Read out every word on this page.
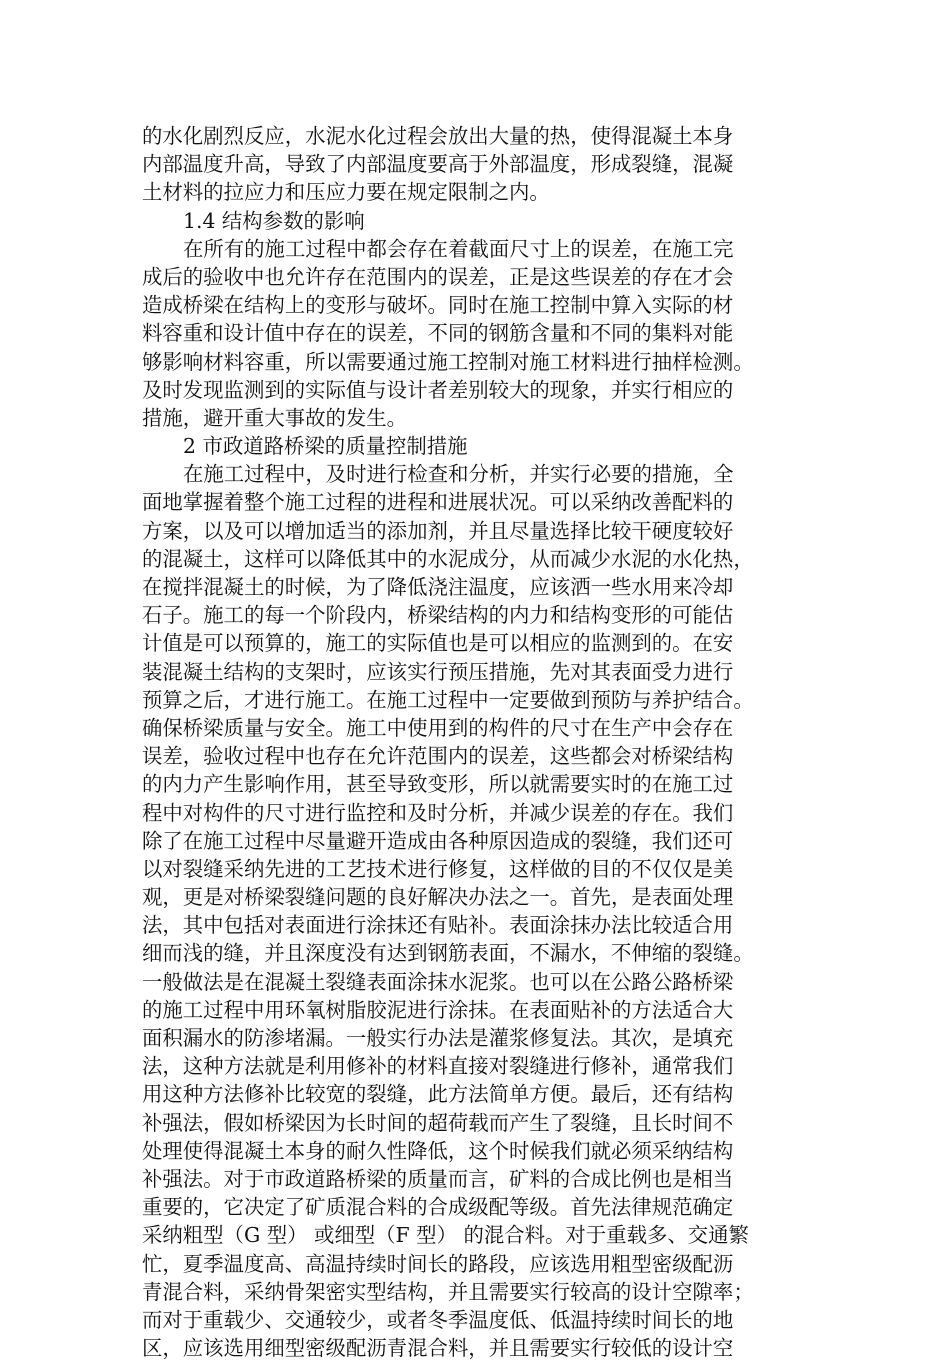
的水化剧烈反应，水泥水化过程会放出大量的热，使得混凝土本身
内部温度升高，导致了内部温度要高于外部温度，形成裂缝，混凝
土材料的拉应力和压应力要在规定限制之内。
1.4 结构参数的影响
在所有的施工过程中都会存在着截面尺寸上的误差，在施工完
成后的验收中也允许存在范围内的误差，正是这些误差的存在才会
造成桥梁在结构上的变形与破坏。同时在施工控制中算入实际的材
料容重和设计值中存在的误差，不同的钢筋含量和不同的集料对能
够影响材料容重，所以需要通过施工控制对施工材料进行抽样检测。
及时发现监测到的实际值与设计者差别较大的现象，并实行相应的
措施，避开重大事故的发生。
2 市政道路桥梁的质量控制措施
在施工过程中，及时进行检查和分析，并实行必要的措施，全
面地掌握着整个施工过程的进程和进展状况。可以采纳改善配料的
方案，以及可以增加适当的添加剂，并且尽量选择比较干硬度较好
的混凝土，这样可以降低其中的水泥成分，从而减少水泥的水化热，
在搅拌混凝土的时候，为了降低浇注温度，应该洒一些水用来冷却
石子。施工的每一个阶段内，桥梁结构的内力和结构变形的可能估
计值是可以预算的，施工的实际值也是可以相应的监测到的。在安
装混凝土结构的支架时，应该实行预压措施，先对其表面受力进行
预算之后，才进行施工。在施工过程中一定要做到预防与养护结合。
确保桥梁质量与安全。施工中使用到的构件的尺寸在生产中会存在
误差，验收过程中也存在允许范围内的误差，这些都会对桥梁结构
的内力产生影响作用，甚至导致变形，所以就需要实时的在施工过
程中对构件的尺寸进行监控和及时分析，并减少误差的存在。我们
除了在施工过程中尽量避开造成由各种原因造成的裂缝，我们还可
以对裂缝采纳先进的工艺技术进行修复，这样做的目的不仅仅是美
观，更是对桥梁裂缝问题的良好解决办法之一。首先，是表面处理
法，其中包括对表面进行涂抹还有贴补。表面涂抹办法比较适合用
细而浅的缝，并且深度没有达到钢筋表面，不漏水，不伸缩的裂缝。
一般做法是在混凝土裂缝表面涂抹水泥浆。也可以在公路公路桥梁
的施工过程中用环氧树脂胶泥进行涂抹。在表面贴补的方法适合大
面积漏水的防渗堵漏。一般实行办法是灌浆修复法。其次，是填充
法，这种方法就是利用修补的材料直接对裂缝进行修补，通常我们
用这种方法修补比较宽的裂缝，此方法简单方便。最后，还有结构
补强法，假如桥梁因为长时间的超荷载而产生了裂缝，且长时间不
处理使得混凝土本身的耐久性降低，这个时候我们就必须采纳结构
补强法。对于市政道路桥梁的质量而言，矿料的合成比例也是相当
重要的，它决定了矿质混合料的合成级配等级。首先法律规范确定
采纳粗型（G 型） 或细型（F 型） 的混合料。对于重载多、交通繁
忙，夏季温度高、高温持续时间长的路段，应该选用粗型密级配沥
青混合料，采纳骨架密实型结构，并且需要实行较高的设计空隙率；
而对于重载少、交通较少，或者冬季温度低、低温持续时间长的地
区，应该选用细型密级配沥青混合料，并且需要实行较低的设计空
